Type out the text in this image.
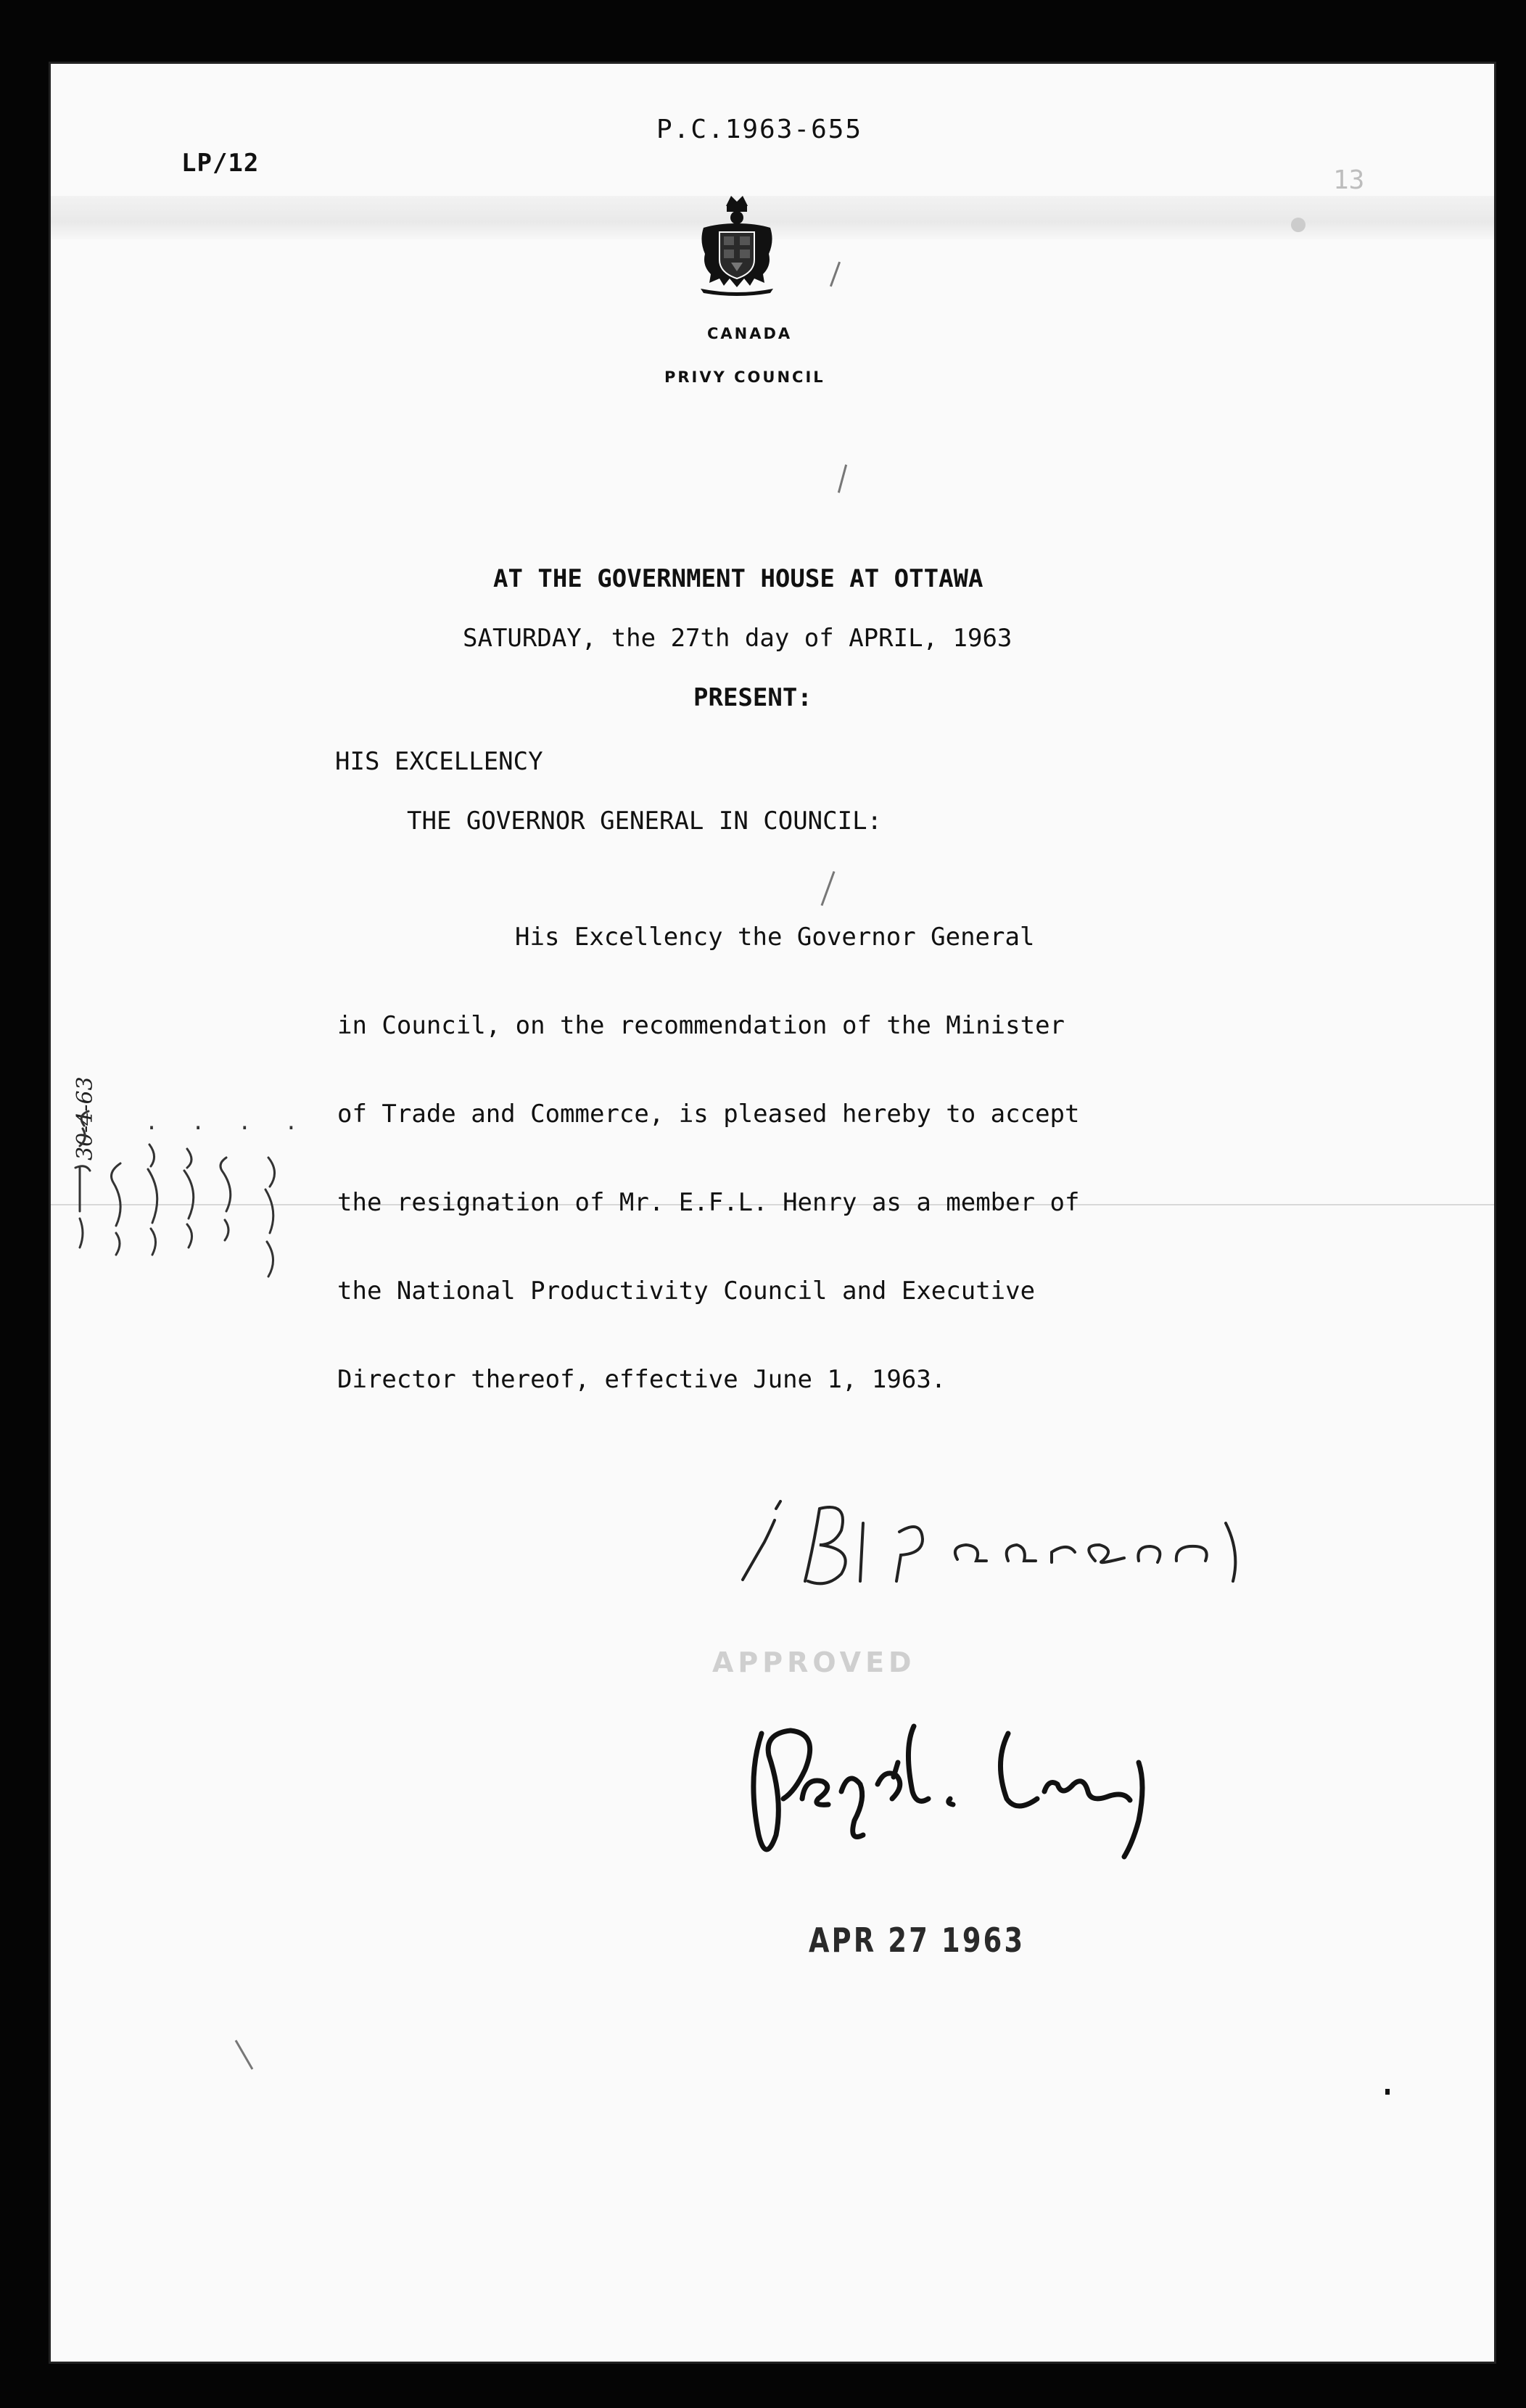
LP/12
P.C.1963-655
13
CANADA
PRIVY COUNCIL
AT THE GOVERNMENT HOUSE AT OTTAWA
SATURDAY, the 27th day of APRIL, 1963
PRESENT:
HIS EXCELLENCY
THE GOVERNOR GENERAL IN COUNCIL:
His Excellency the Governor General
in Council, on the recommendation of the Minister
of Trade and Commerce, is pleased hereby to accept
the resignation of Mr. E.F.L. Henry as a member of
the National Productivity Council and Executive
Director thereof, effective June 1, 1963.
30-4-63 . . . .
APPROVED
APR 27 1963
